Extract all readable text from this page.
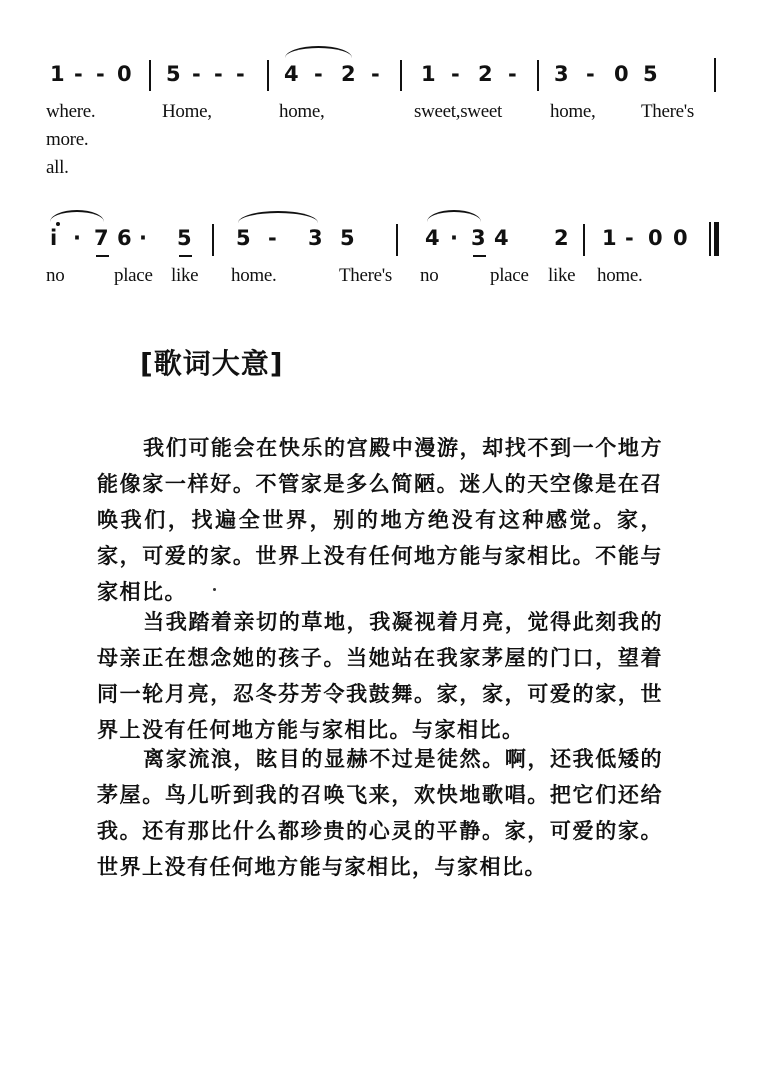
1 - - 0 5 - - - 4 - 2 - 1 - 2 - 3 - 0 5
where.	Home,	home,	sweet,sweet	home, There's
more.
all.
i · 7 6 · 5 5 - 3 5	4 · 3 4 2 1 - 0 0
no	place like home.	There's no	place like home.
[歌词大意]

我们可能会在快乐的宫殿中漫游，却找不到一个地方能像家一样好。不管家是多么简陋。迷人的天空像是在召唤我们，找遍全世界，别的地方绝没有这种感觉。家，家，可爱的家。世界上没有任何地方能与家相比。不能与家相比。

当我踏着亲切的草地，我凝视着月亮，觉得此刻我的母亲正在想念她的孩子。当她站在我家茅屋的门口，望着同一轮月亮，忍冬芬芳令我鼓舞。家，家，可爱的家，世界上没有任何地方能与家相比。与家相比。

离家流浪，眩目的显赫不过是徒然。啊，还我低矮的茅屋。鸟儿听到我的召唤飞来，欢快地歌唱。把它们还给我。还有那比什么都珍贵的心灵的平静。家，可爱的家。世界上没有任何地方能与家相比，与家相比。
